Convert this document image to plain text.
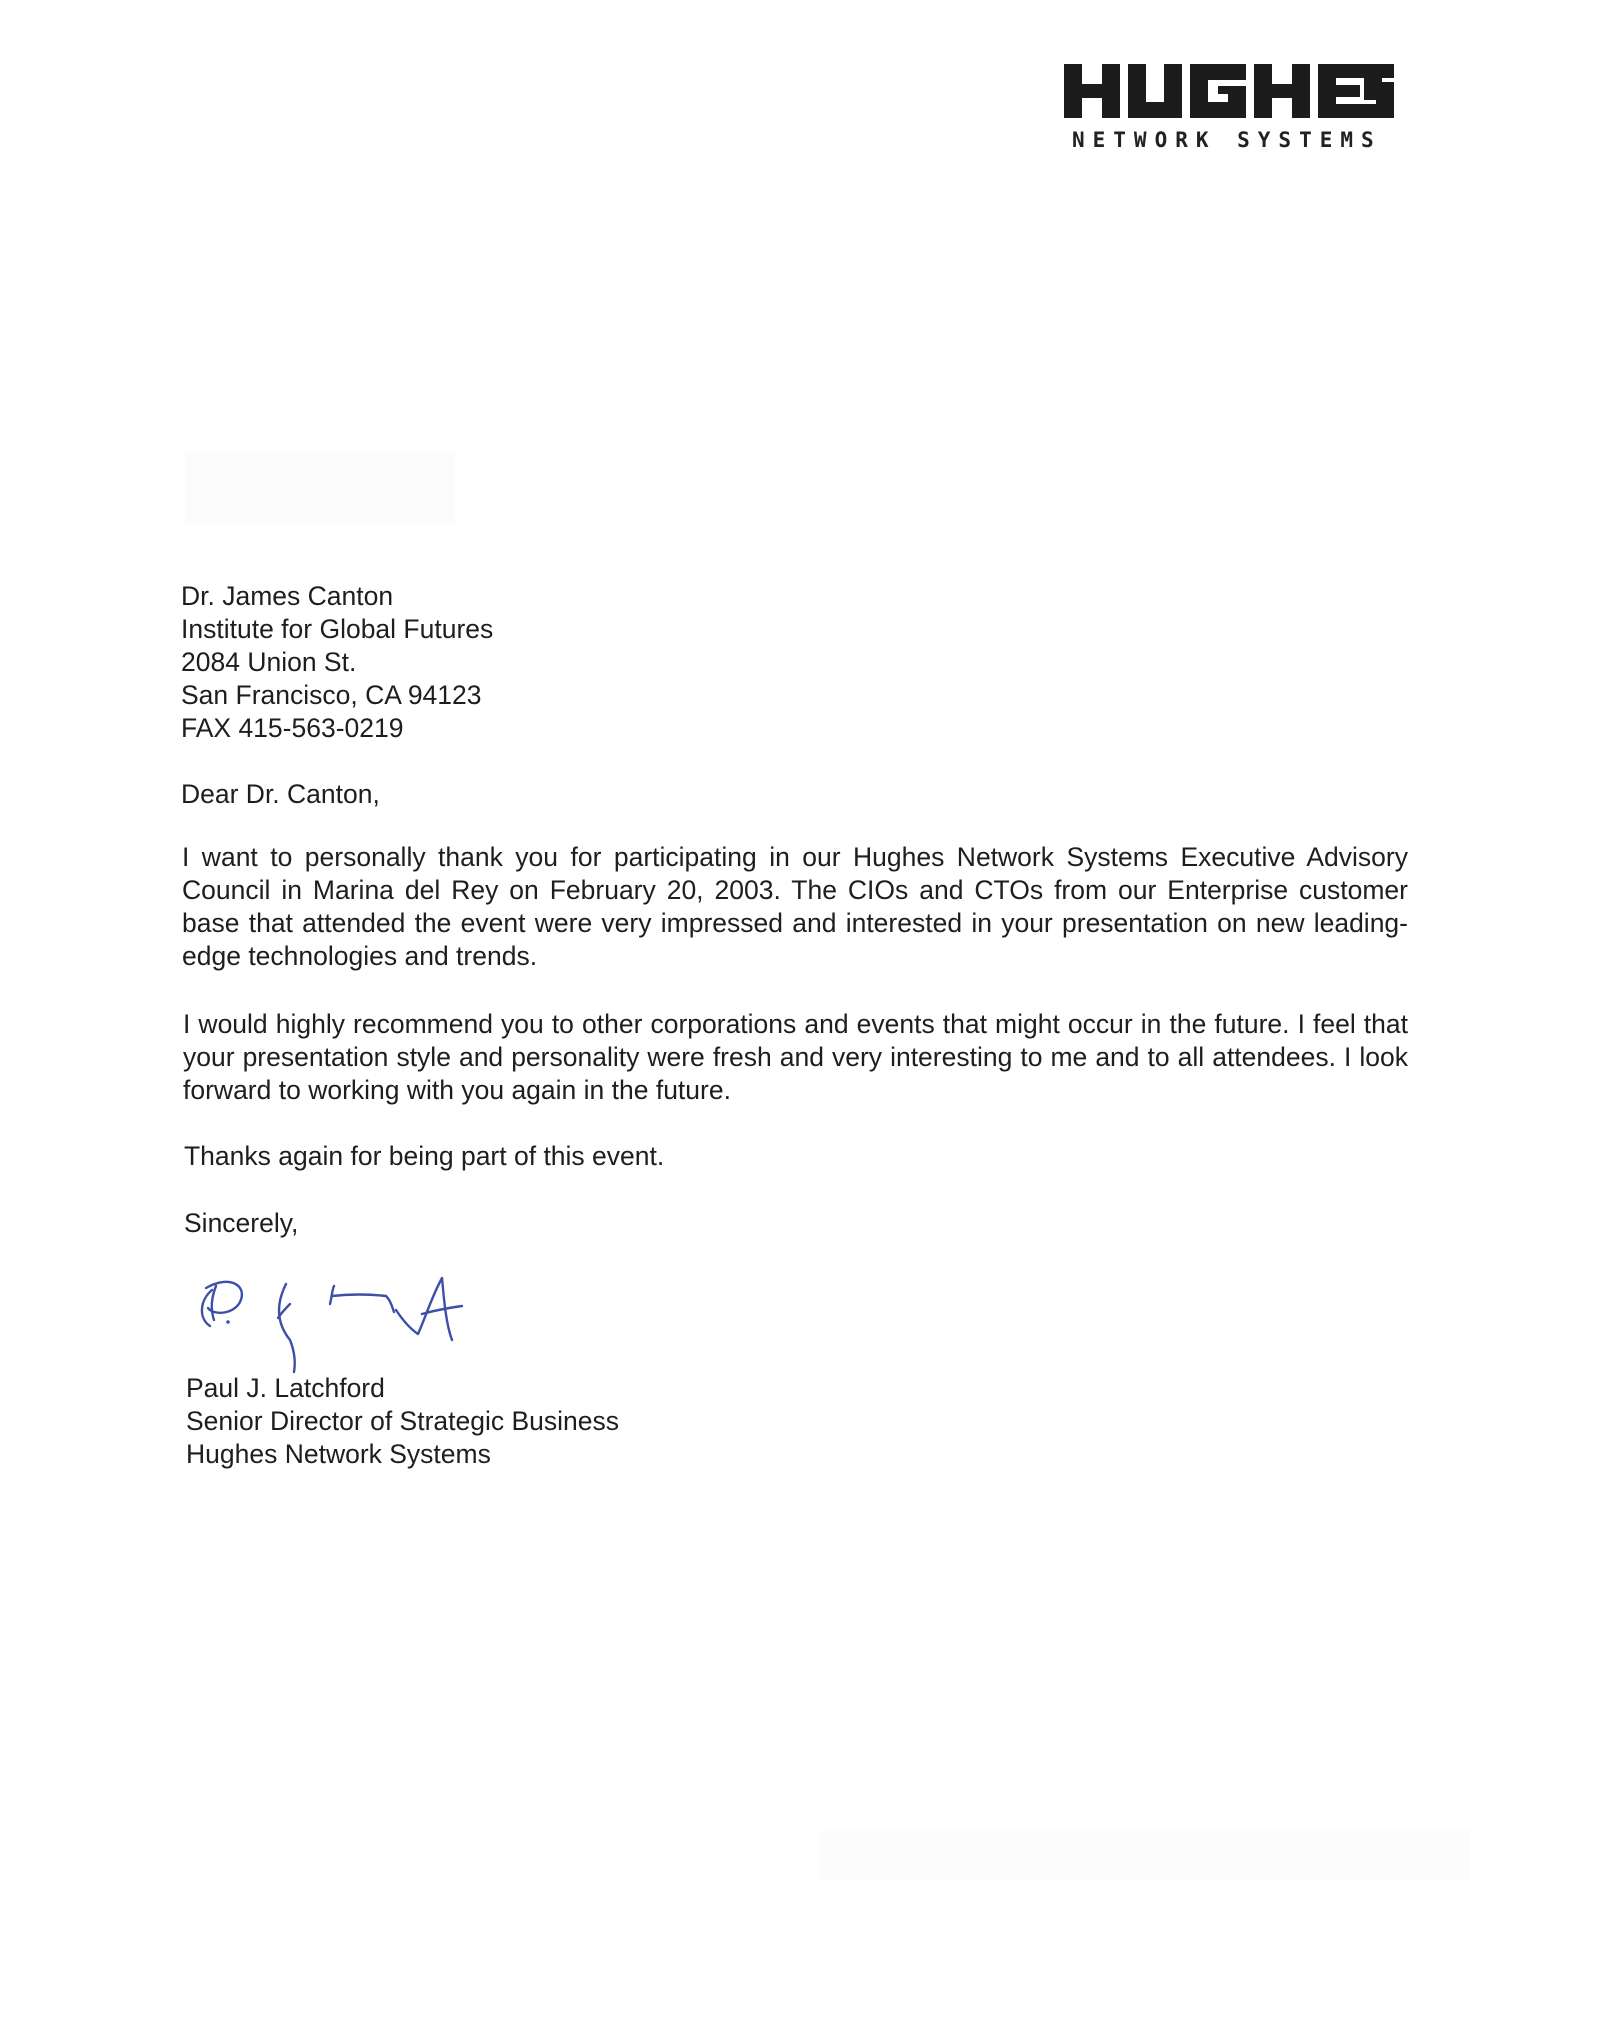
NETWORK SYSTEMS
Dr. James Canton
Institute for Global Futures
2084 Union St.
San Francisco, CA 94123
FAX 415-563-0219
Dear Dr. Canton,
I want to personally thank you for participating in our Hughes Network Systems Executive Advisory Council in Marina del Rey on February 20, 2003. The CIOs and CTOs from our Enterprise customer base that attended the event were very impressed and interested in your presentation on new leading-edge technologies and trends.
I would highly recommend you to other corporations and events that might occur in the future. I feel that your presentation style and personality were fresh and very interesting to me and to all attendees. I look forward to working with you again in the future.
Thanks again for being part of this event.
Sincerely,
Paul J. Latchford
Senior Director of Strategic Business
Hughes Network Systems
